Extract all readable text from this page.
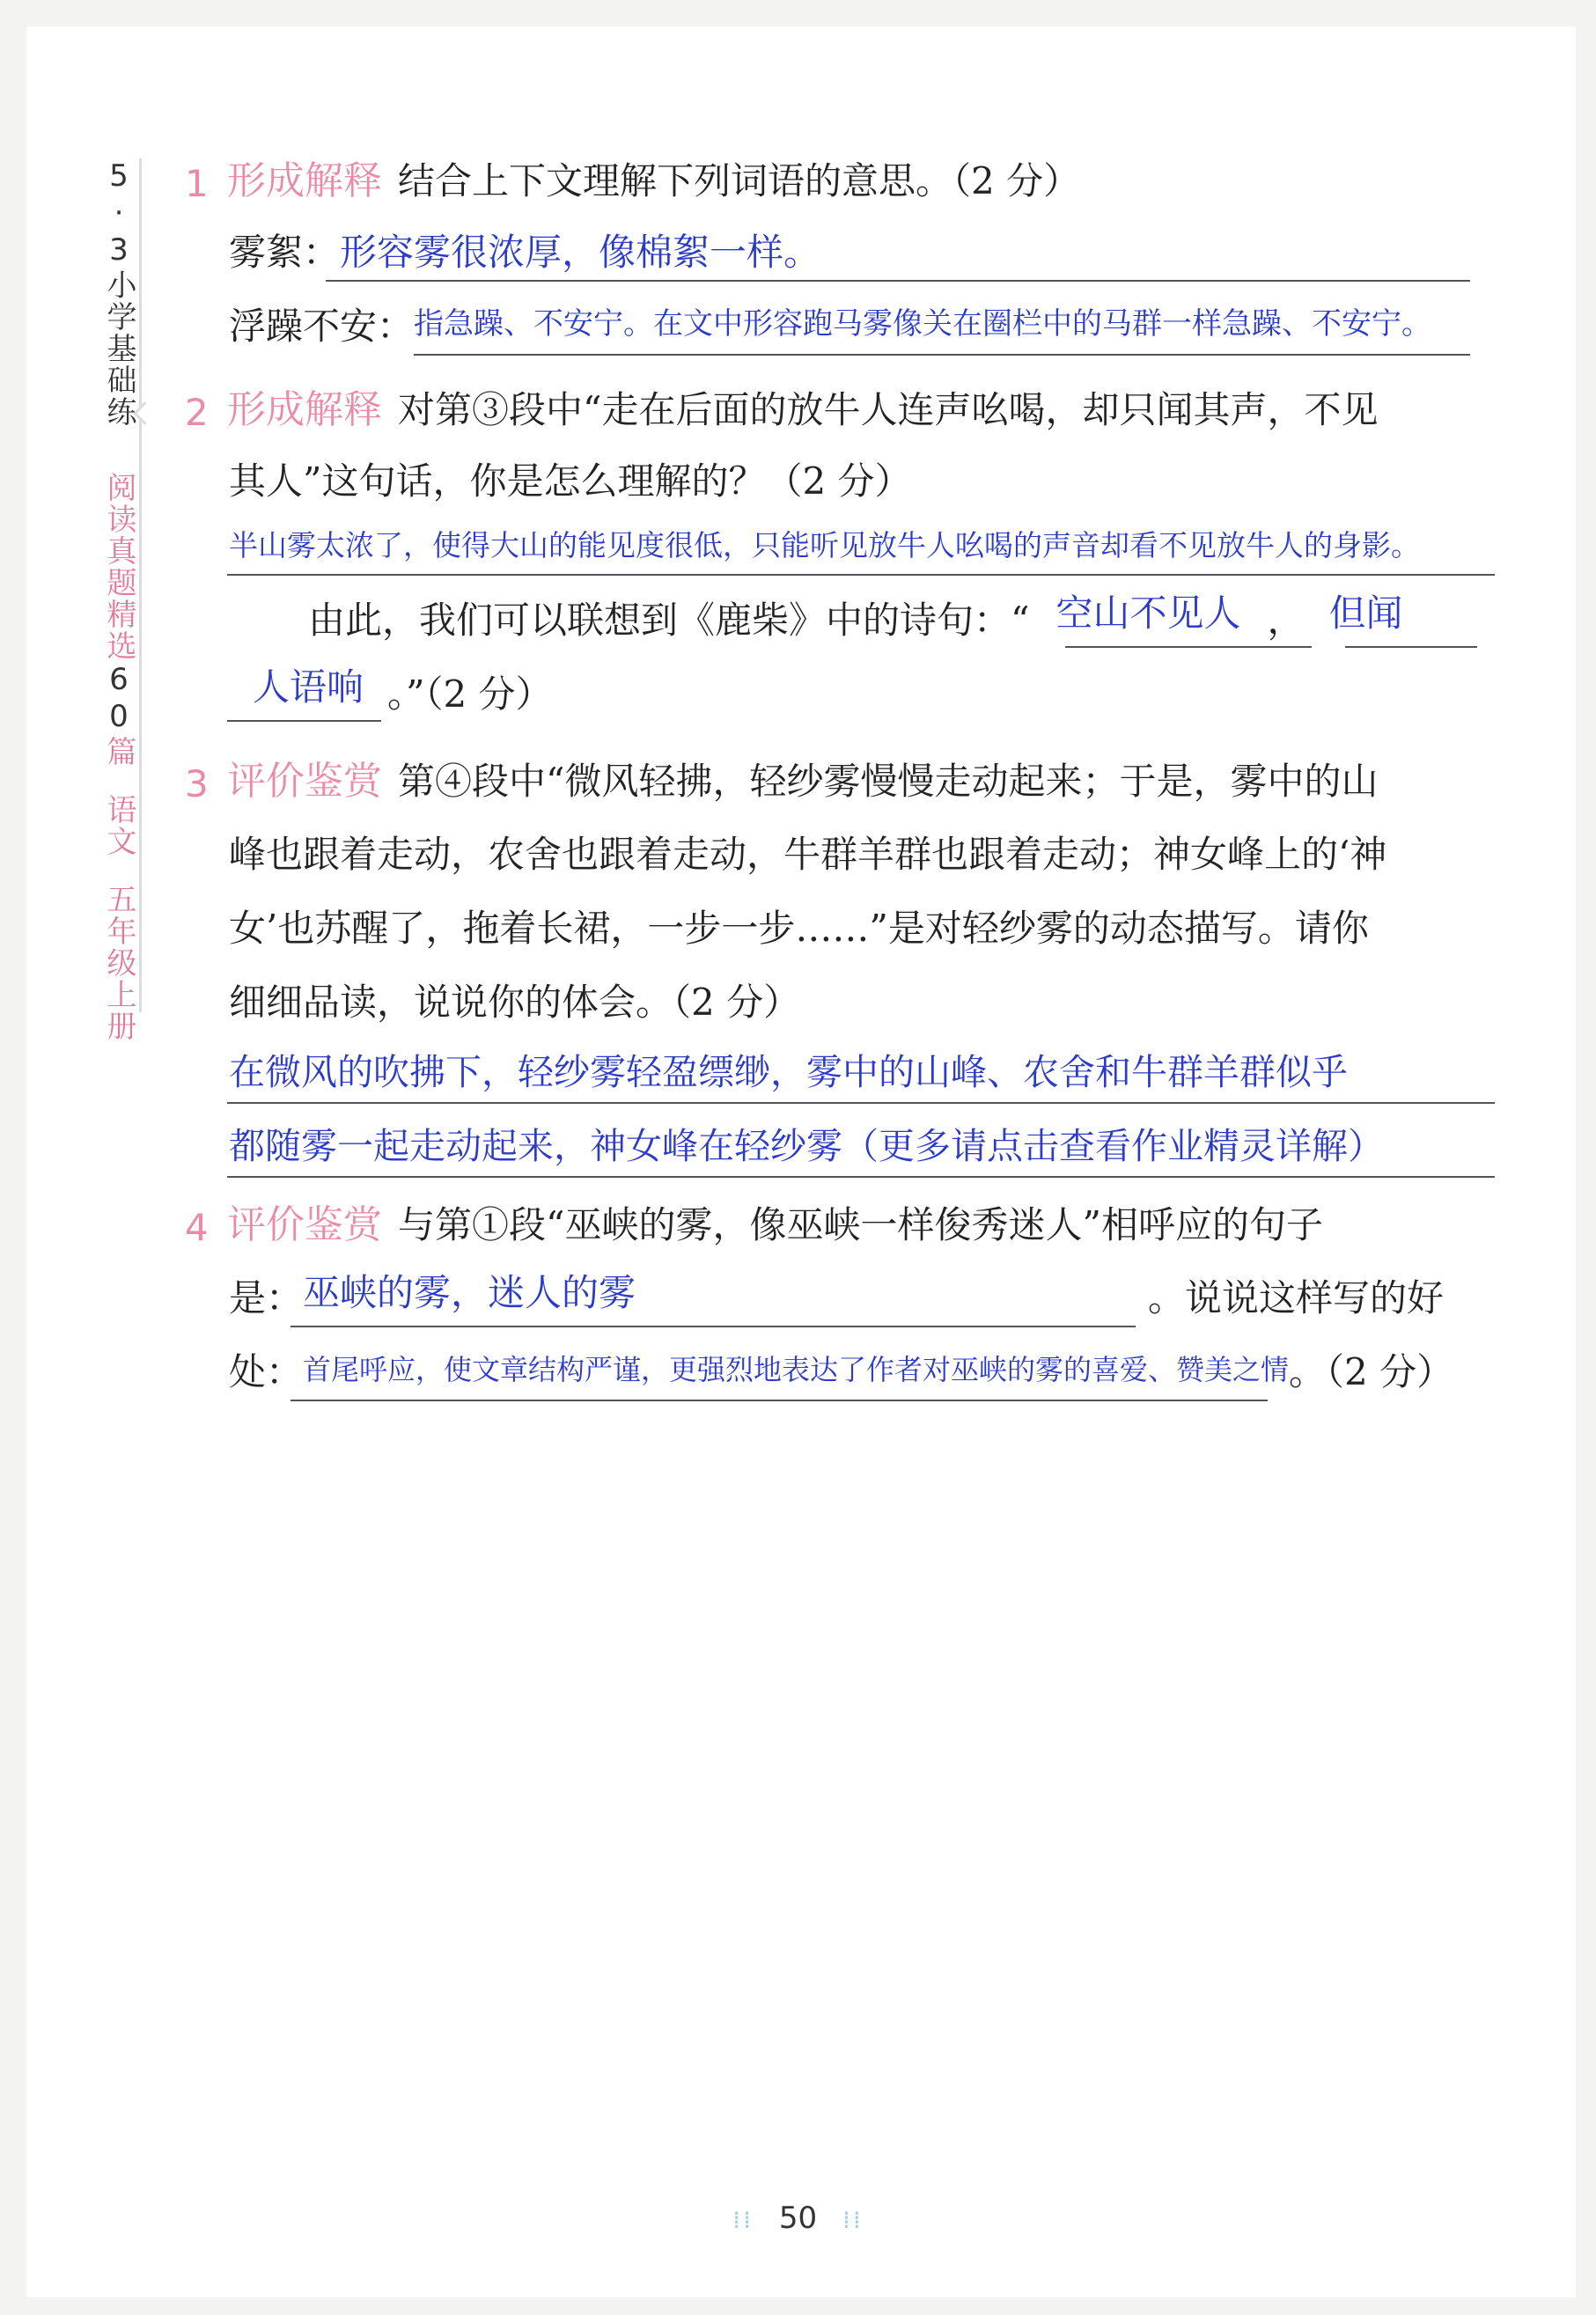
5·3小学基础练
阅读真题精选60篇
语文
五年级上册
1 形成解释 结合上下文理解下列词语的意思。（2 分）
雾絮：形容雾很浓厚，像棉絮一样。
浮躁不安：指急躁、不安宁。在文中形容跑马雾像关在圈栏中的马群一样急躁、不安宁。
2 形成解释 对第③段中“走在后面的放牛人连声吆喝，却只闻其声，不见
其人”这句话，你是怎么理解的？（2 分）
半山雾太浓了，使得大山的能见度很低，只能听见放牛人吆喝的声音却看不见放牛人的身影。
由此，我们可以联想到《鹿柴》中的诗句：“ 空山不见人 ， 但闻
人语响 。”（2 分）
3 评价鉴赏 第④段中“微风轻拂，轻纱雾慢慢走动起来；于是，雾中的山
峰也跟着走动，农舍也跟着走动，牛群羊群也跟着走动；神女峰上的‘神
女’也苏醒了，拖着长裙，一步一步……”是对轻纱雾的动态描写。请你
细细品读，说说你的体会。（2 分）
在微风的吹拂下，轻纱雾轻盈缥缈，雾中的山峰、农舍和牛群羊群似乎
都随雾一起走动起来，神女峰在轻纱雾（更多请点击查看作业精灵详解）
4 评价鉴赏 与第①段“巫峡的雾，像巫峡一样俊秀迷人”相呼应的句子
是：巫峡的雾，迷人的雾	。说说这样写的好
处：首尾呼应，使文章结构严谨，更强烈地表达了作者对巫峡的雾的喜爱、赞美之情。（2 分）
⁞⁞ 50 ⁞⁞
